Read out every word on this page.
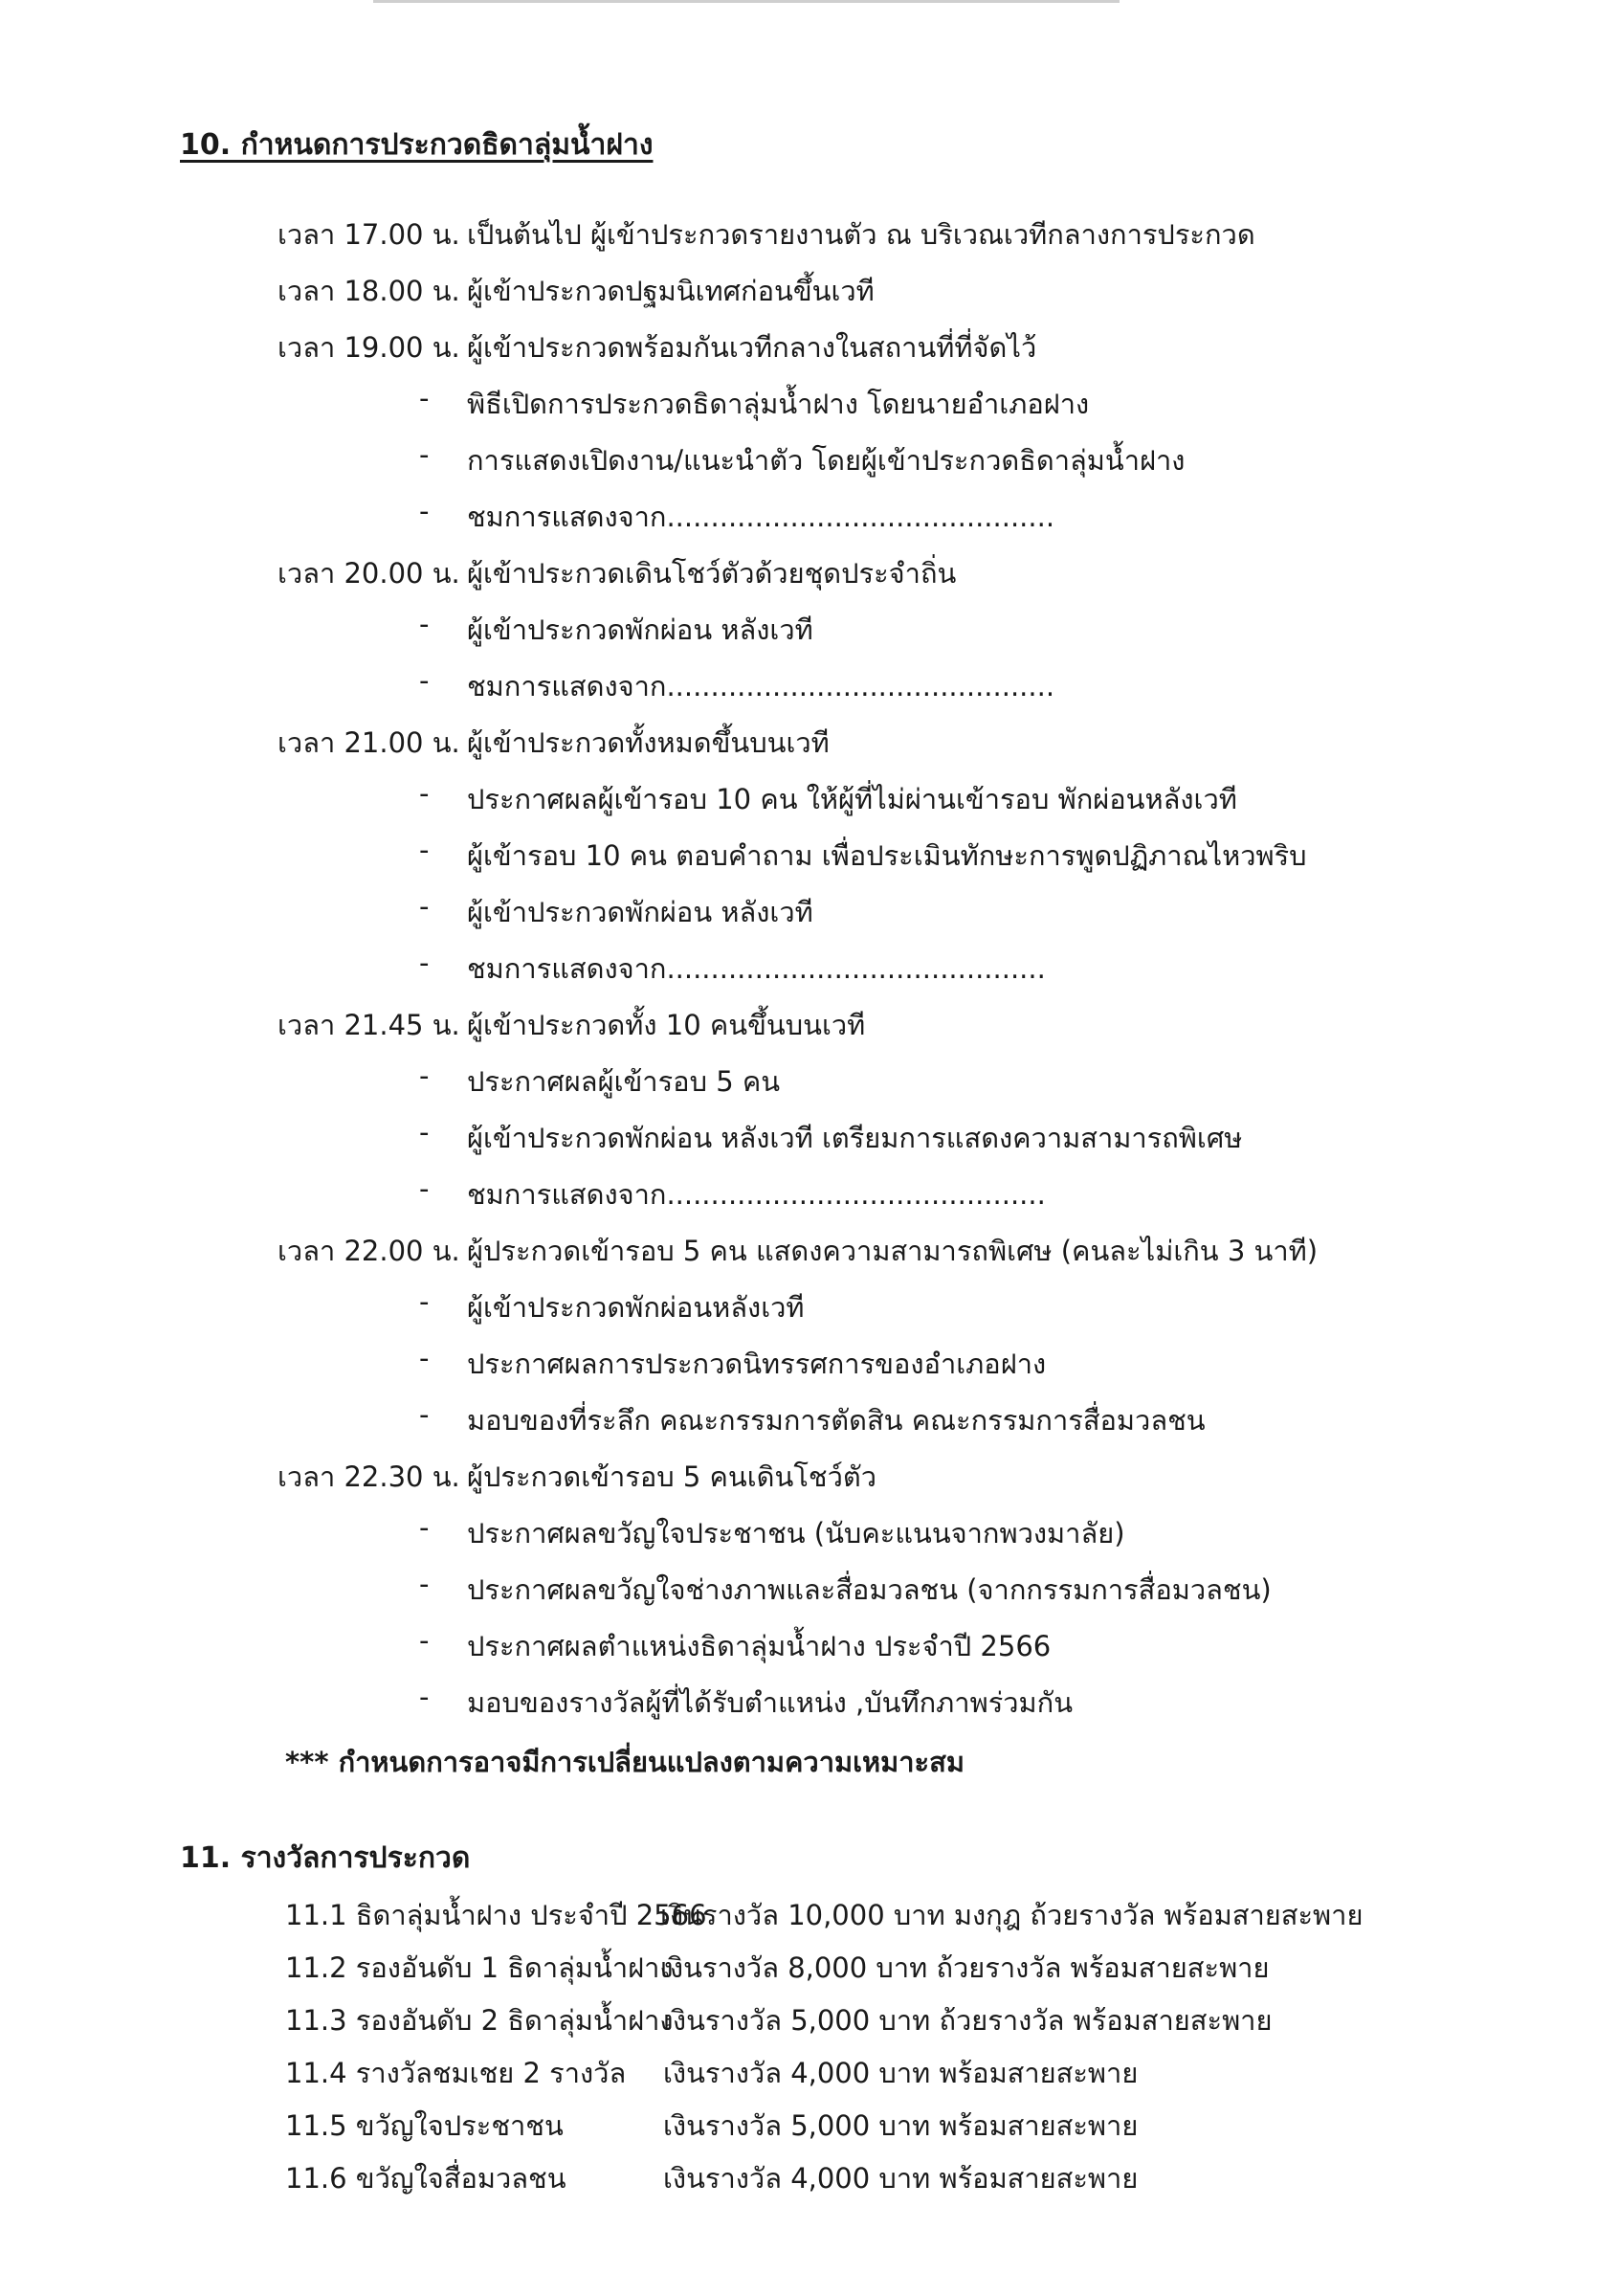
10. กำหนดการประกวดธิดาลุ่มน้ำฝาง
เวลา 17.00 น. เป็นต้นไป ผู้เข้าประกวดรายงานตัว ณ บริเวณเวทีกลางการประกวด
เวลา 18.00 น. ผู้เข้าประกวดปฐมนิเทศก่อนขึ้นเวที
เวลา 19.00 น. ผู้เข้าประกวดพร้อมกันเวทีกลางในสถานที่ที่จัดไว้
- พิธีเปิดการประกวดธิดาลุ่มน้ำฝาง โดยนายอำเภอฝาง
- การแสดงเปิดงาน/แนะนำตัว โดยผู้เข้าประกวดธิดาลุ่มน้ำฝาง
- ชมการแสดงจาก............................................
เวลา 20.00 น. ผู้เข้าประกวดเดินโชว์ตัวด้วยชุดประจำถิ่น
- ผู้เข้าประกวดพักผ่อน หลังเวที
- ชมการแสดงจาก............................................
เวลา 21.00 น. ผู้เข้าประกวดทั้งหมดขึ้นบนเวที
- ประกาศผลผู้เข้ารอบ 10 คน ให้ผู้ที่ไม่ผ่านเข้ารอบ พักผ่อนหลังเวที
- ผู้เข้ารอบ 10 คน ตอบคำถาม เพื่อประเมินทักษะการพูดปฏิภาณไหวพริบ
- ผู้เข้าประกวดพักผ่อน หลังเวที
- ชมการแสดงจาก...........................................
เวลา 21.45 น. ผู้เข้าประกวดทั้ง 10 คนขึ้นบนเวที
- ประกาศผลผู้เข้ารอบ 5 คน
- ผู้เข้าประกวดพักผ่อน หลังเวที เตรียมการแสดงความสามารถพิเศษ
- ชมการแสดงจาก...........................................
เวลา 22.00 น. ผู้ประกวดเข้ารอบ 5 คน แสดงความสามารถพิเศษ (คนละไม่เกิน 3 นาที)
- ผู้เข้าประกวดพักผ่อนหลังเวที
- ประกาศผลการประกวดนิทรรศการของอำเภอฝาง
- มอบของที่ระลึก คณะกรรมการตัดสิน คณะกรรมการสื่อมวลชน
เวลา 22.30 น. ผู้ประกวดเข้ารอบ 5 คนเดินโชว์ตัว
- ประกาศผลขวัญใจประชาชน (นับคะแนนจากพวงมาลัย)
- ประกาศผลขวัญใจช่างภาพและสื่อมวลชน (จากกรรมการสื่อมวลชน)
- ประกาศผลตำแหน่งธิดาลุ่มน้ำฝาง ประจำปี 2566
- มอบของรางวัลผู้ที่ได้รับตำแหน่ง ,บันทึกภาพร่วมกัน
*** กำหนดการอาจมีการเปลี่ยนแปลงตามความเหมาะสม
11. รางวัลการประกวด
11.1 ธิดาลุ่มน้ำฝาง ประจำปี 2566
เงินรางวัล 10,000 บาท มงกุฎ ถ้วยรางวัล พร้อมสายสะพาย
11.2 รองอันดับ 1 ธิดาลุ่มน้ำฝาง
เงินรางวัล 8,000 บาท ถ้วยรางวัล พร้อมสายสะพาย
11.3 รองอันดับ 2 ธิดาลุ่มน้ำฝาง
เงินรางวัล 5,000 บาท ถ้วยรางวัล พร้อมสายสะพาย
11.4 รางวัลชมเชย 2 รางวัล เงินรางวัล 4,000 บาท พร้อมสายสะพาย
11.5 ขวัญใจประชาชน	เงินรางวัล 5,000 บาท พร้อมสายสะพาย
11.6 ขวัญใจสื่อมวลชน	เงินรางวัล 4,000 บาท พร้อมสายสะพาย
